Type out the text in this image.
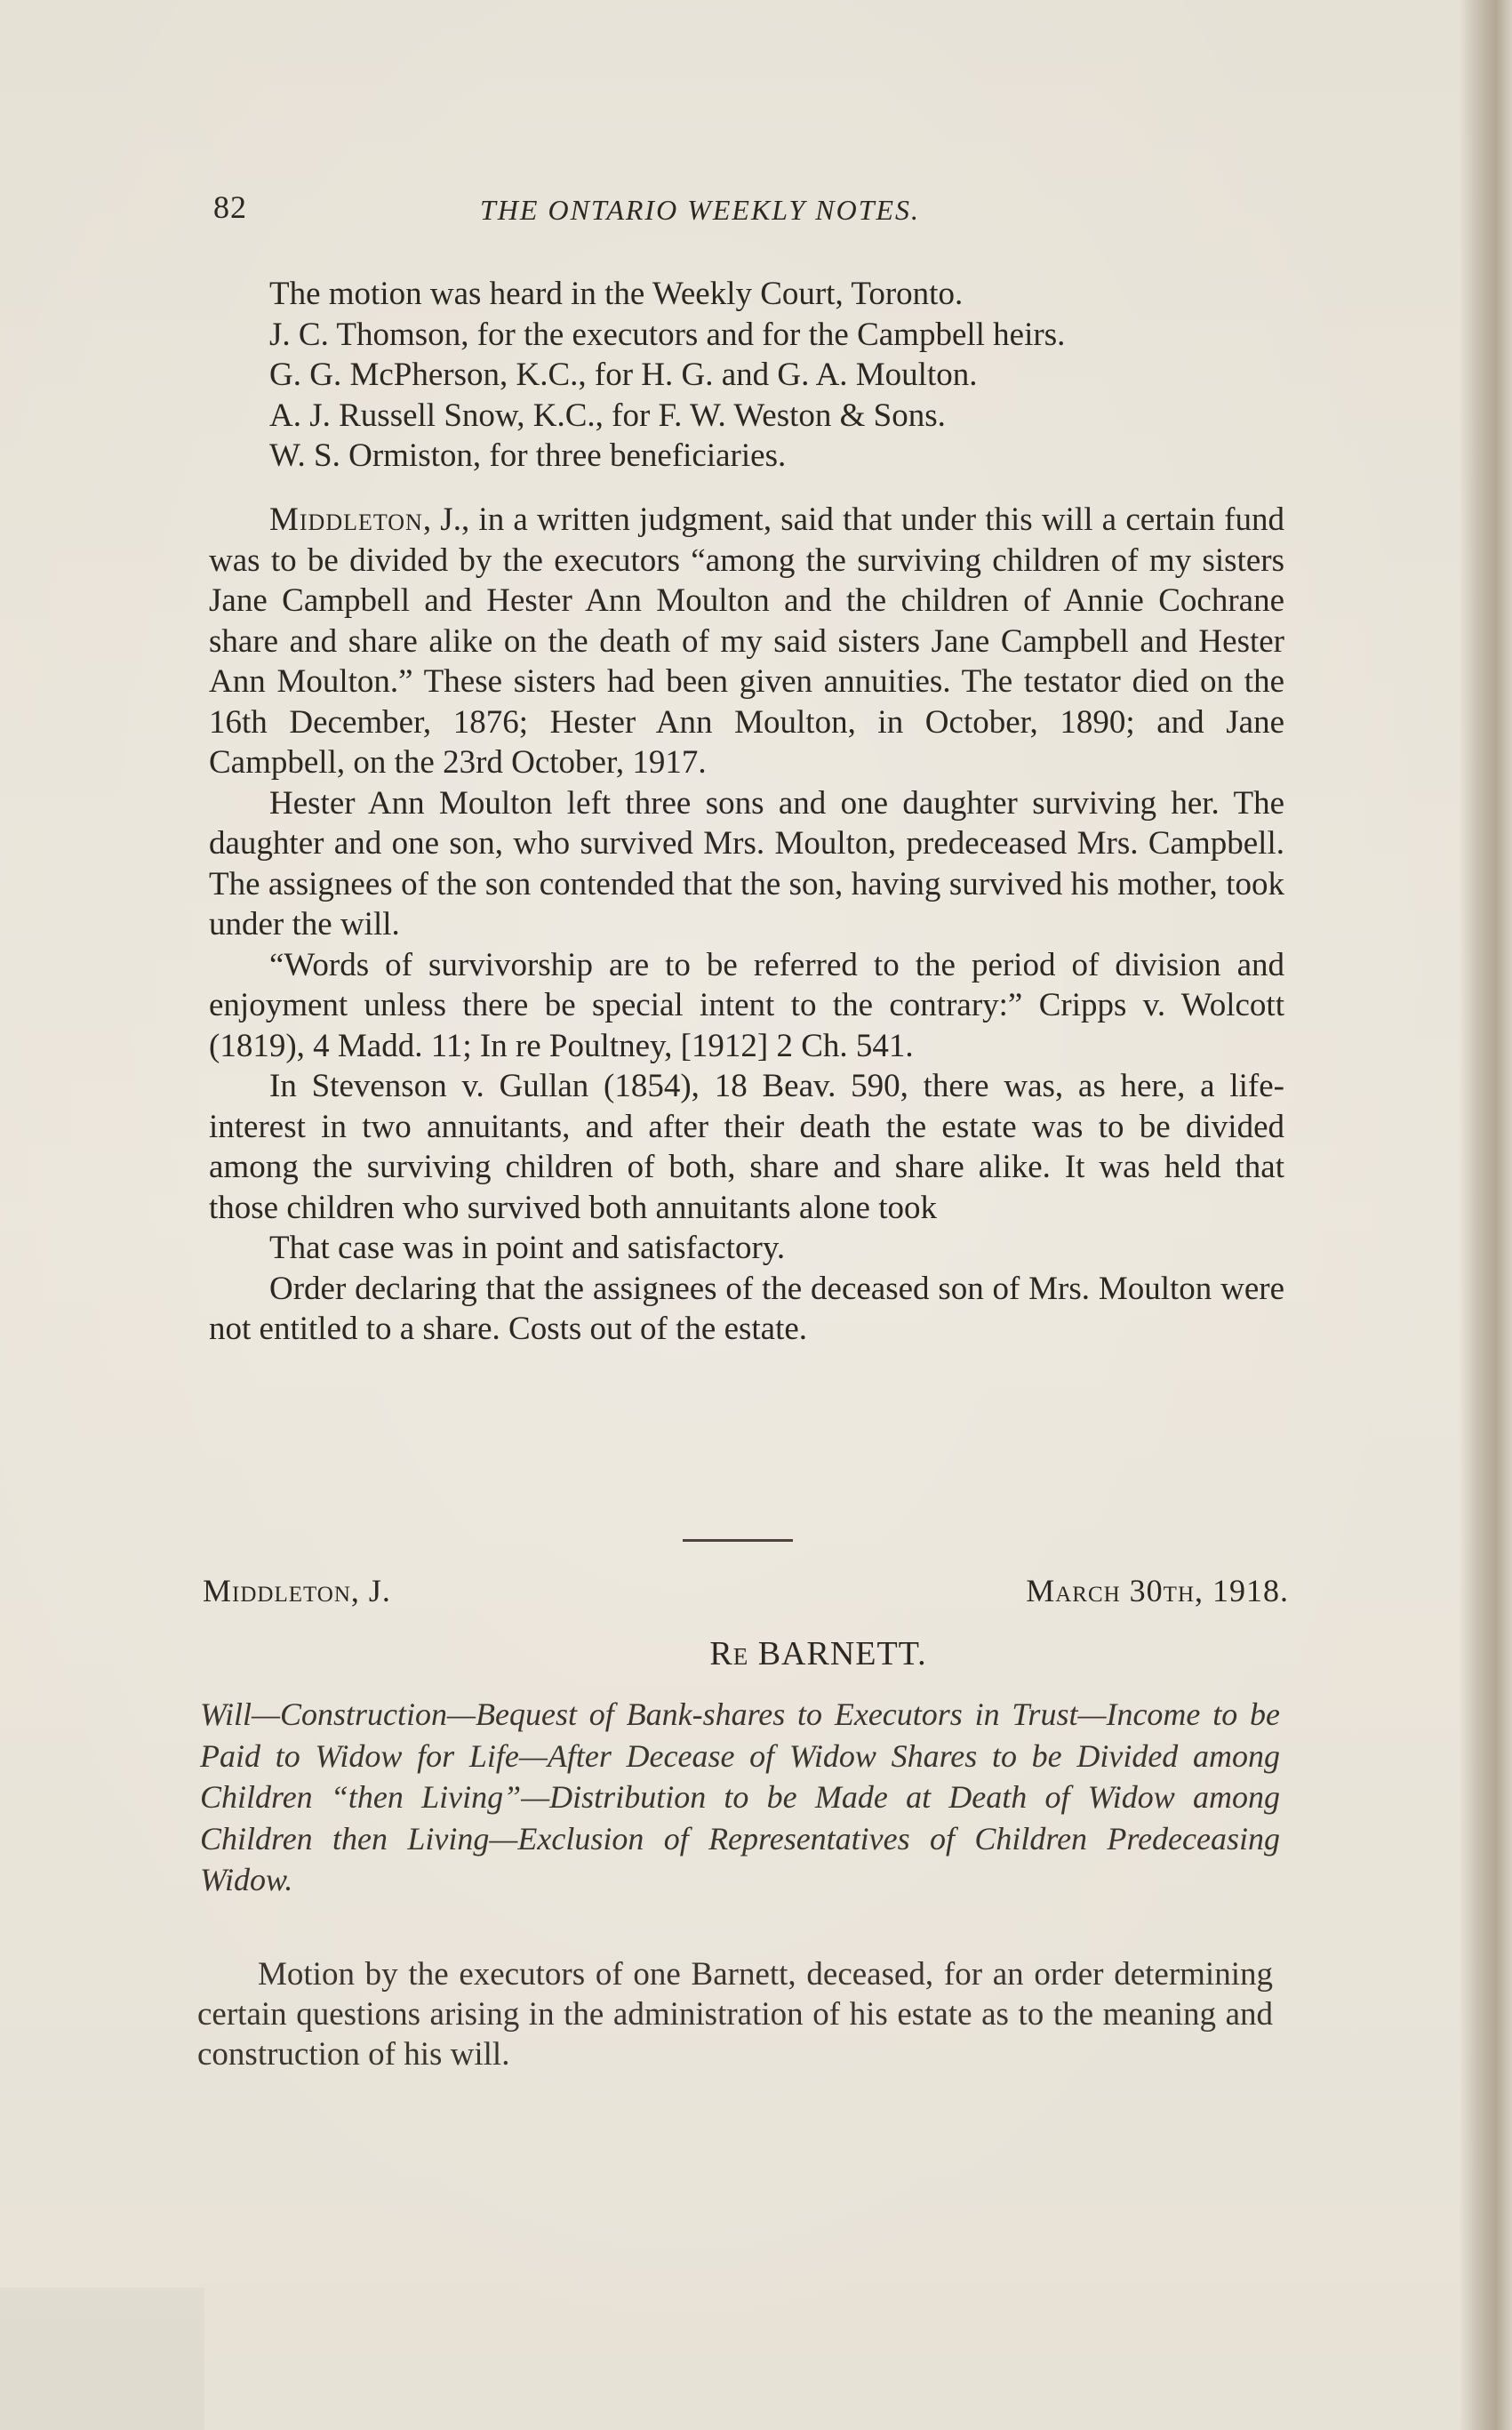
82	THE ONTARIO WEEKLY NOTES.

The motion was heard in the Weekly Court, Toronto.

J. C. Thomson, for the executors and for the Campbell heirs.

G. G. McPherson, K.C., for H. G. and G. A. Moulton.

A. J. Russell Snow, K.C., for F. W. Weston & Sons.

W. S. Ormiston, for three beneficiaries.

Middleton, J., in a written judgment, said that under this will a certain fund was to be divided by the executors “among the surviving children of my sisters Jane Campbell and Hester Ann Moulton and the children of Annie Cochrane share and share alike on the death of my said sisters Jane Campbell and Hester Ann Moulton.” These sisters had been given annuities. The testator died on the 16th December, 1876; Hester Ann Moulton, in October, 1890; and Jane Campbell, on the 23rd October, 1917.

Hester Ann Moulton left three sons and one daughter surviving her. The daughter and one son, who survived Mrs. Moulton, predeceased Mrs. Campbell. The assignees of the son contended that the son, having survived his mother, took under the will.

“Words of survivorship are to be referred to the period of division and enjoyment unless there be special intent to the contrary:” Cripps v. Wolcott (1819), 4 Madd. 11; In re Poultney, [1912] 2 Ch. 541.

In Stevenson v. Gullan (1854), 18 Beav. 590, there was, as here, a life-interest in two annuitants, and after their death the estate was to be divided among the surviving children of both, share and share alike. It was held that those children who survived both annuitants alone took

That case was in point and satisfactory.

Order declaring that the assignees of the deceased son of Mrs. Moulton were not entitled to a share. Costs out of the estate.

Middleton, J.	March 30th, 1918.
Re BARNETT.

Will—Construction—Bequest of Bank-shares to Executors in Trust—Income to be Paid to Widow for Life—After Decease of Widow Shares to be Divided among Children “then Living”—Distribution to be Made at Death of Widow among Children then Living—Exclusion of Representatives of Children Predeceasing Widow.

Motion by the executors of one Barnett, deceased, for an order determining certain questions arising in the administration of his estate as to the meaning and construction of his will.
